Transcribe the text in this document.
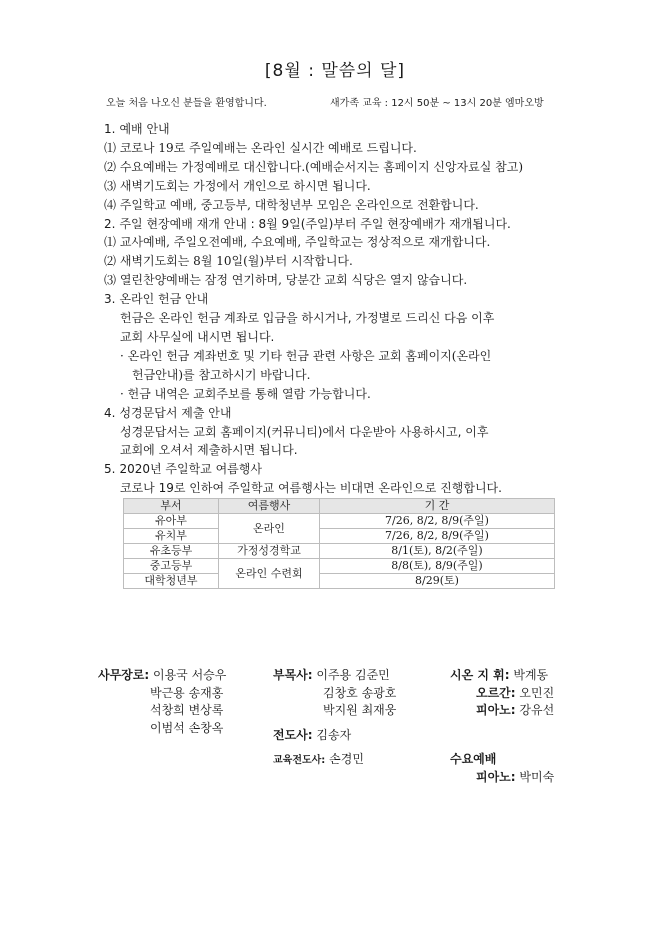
[8월 : 말씀의 달]
오늘 처음 나오신 분들을 환영합니다.	새가족 교육 : 12시 50분 ~ 13시 20분 엠마오방
1. 예배 안내
⑴ 코로나 19로 주일예배는 온라인 실시간 예배로 드립니다.
⑵ 수요예배는 가정예배로 대신합니다.(예배순서지는 홈페이지 신앙자료실 참고)
⑶ 새벽기도회는 가정에서 개인으로 하시면 됩니다.
⑷ 주일학교 예배, 중고등부, 대학청년부 모임은 온라인으로 전환합니다.
2. 주일 현장예배 재개 안내 : 8월 9일(주일)부터 주일 현장예배가 재개됩니다.
⑴ 교사예배, 주일오전예배, 수요예배, 주일학교는 정상적으로 재개합니다.
⑵ 새벽기도회는 8월 10일(월)부터 시작합니다.
⑶ 열린찬양예배는 잠정 연기하며, 당분간 교회 식당은 열지 않습니다.
3. 온라인 헌금 안내
헌금은 온라인 헌금 계좌로 입금을 하시거나, 가정별로 드리신 다음 이후
교회 사무실에 내시면 됩니다.
· 온라인 헌금 계좌번호 및 기타 헌금 관련 사항은 교회 홈페이지(온라인
헌금안내)를 참고하시기 바랍니다.
· 헌금 내역은 교회주보를 통해 열람 가능합니다.
4. 성경문답서 제출 안내
성경문답서는 교회 홈페이지(커뮤니티)에서 다운받아 사용하시고, 이후
교회에 오셔서 제출하시면 됩니다.
5. 2020년 주일학교 여름행사
코로나 19로 인하여 주일학교 여름행사는 비대면 온라인으로 진행합니다.
부서	여름행사	기 간
유아부	온라인	7/26, 8/2, 8/9(주일)
유치부		7/26, 8/2, 8/9(주일)
유초등부	가정성경학교	8/1(토), 8/2(주일)
중고등부	온라인 수련회	8/8(토), 8/9(주일)
대학청년부		8/29(토)
사무장로: 이용국 서승우
박근용 송재홍
석창희 변상록
이범석 손창옥
부목사: 이주용 김준민
김창호 송광호
박지원 최재웅
전도사: 김송자
교육전도사: 손경민
시온 지 휘: 박계동
오르간: 오민진
피아노: 강유선
수요예배
피아노: 박미숙
